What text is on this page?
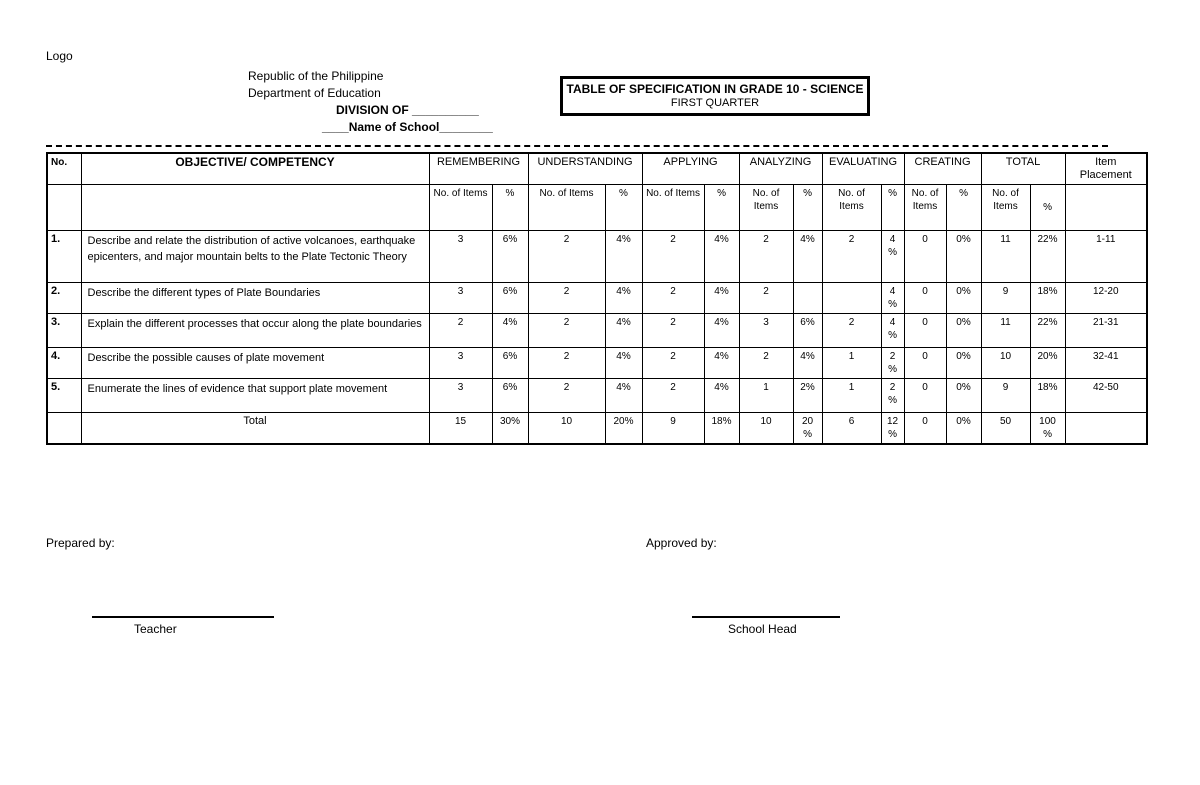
Logo
Republic of the Philippine
Department of Education
DIVISION OF __________
____Name of School________
TABLE OF SPECIFICATION IN GRADE 10 - SCIENCE
FIRST QUARTER
No.	OBJECTIVE/ COMPETENCY	REMEMBERING		UNDERSTANDING		APPLYING		ANALYZING		EVALUATING		CREATING		TOTAL		Item Placement
		No. of Items	%	No. of Items	%	No. of Items	%	No. of Items	%	No. of Items	%	No. of Items	%	No. of Items	%	
1.	Describe and relate the distribution of active volcanoes, earthquake epicenters, and major mountain belts to the Plate Tectonic Theory	3	6%	2	4%	2	4%	2	4%	2	4 %	0	0%	11	22%	1-11
2.	Describe the different types of Plate Boundaries	3	6%	2	4%	2	4%	2			4 %	0	0%	9	18%	12-20
3.	Explain the different processes that occur along the plate boundaries	2	4%	2	4%	2	4%	3	6%	2	4 %	0	0%	11	22%	21-31
4.	Describe the possible causes of plate movement	3	6%	2	4%	2	4%	2	4%	1	2 %	0	0%	10	20%	32-41
5.	Enumerate the lines of evidence that support plate movement	3	6%	2	4%	2	4%	1	2%	1	2 %	0	0%	9	18%	42-50
	Total	15	30%	10	20%	9	18%	10	20 %	6	12 %	0	0%	50	100 %	
Prepared by:	Approved by:
Teacher	School Head
